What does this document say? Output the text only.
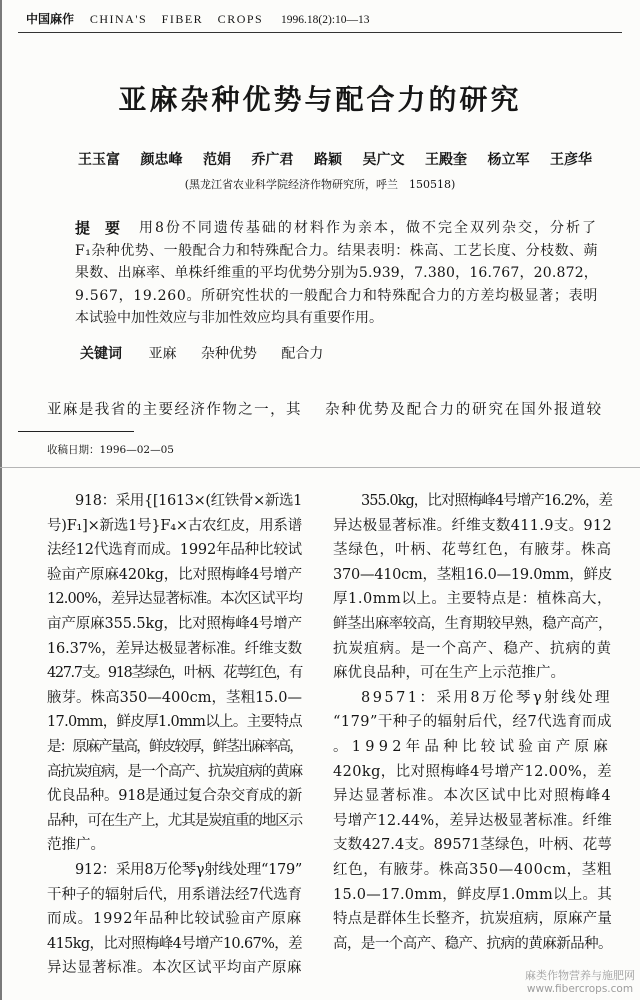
中国麻作 CHINA'S FIBER CROPS 1996.18(2):10—13
亚麻杂种优势与配合力的研究
王玉富 颜忠峰 范娟 乔广君 路颖 吴广文 王殿奎 杨立军 王彦华
(黑龙江省农业科学院经济作物研究所，呼兰　150518)
提　要	用8份不同遗传基础的材料作为亲本，做不完全双列杂交，分析了
F₁杂种优势、一般配合力和特殊配合力。结果表明：株高、工艺长度、分枝数、蒴
果数、出麻率、单株纤维重的平均优势分别为5.939，7.380，16.767，20.872，
9.567，19.260。所研究性状的一般配合力和特殊配合力的方差均极显著；表明
本试验中加性效应与非加性效应均具有重要作用。
关键词 亚麻 杂种优势 配合力
亚麻是我省的主要经济作物之一，其 杂种优势及配合力的研究在国外报道较
收稿日期：1996—02—05
918：采用{[1613×(红铁骨×新选1
号)F₁]×新选1号}F₄×古农红皮，用系谱
法经12代选育而成。1992年品种比较试
验亩产原麻420kg，比对照梅峰4号增产
12.00%，差异达显著标准。本次区试平均
亩产原麻355.5kg，比对照梅峰4号增产
16.37%，差异达极显著标准。纤维支数
427.7支。918茎绿色，叶柄、花萼红色，有
腋芽。株高350—400cm，茎粗15.0—
17.0mm，鲜皮厚1.0mm以上。主要特点
是：原麻产量高，鲜皮较厚，鲜茎出麻率高，
高抗炭疽病，是一个高产、抗炭疽病的黄麻
优良品种。918是通过复合杂交育成的新
品种，可在生产上，尤其是炭疽重的地区示
范推广。
912：采用8万伦琴γ射线处理“179”
干种子的辐射后代，用系谱法经7代选育
而成。1992年品种比较试验亩产原麻
415kg，比对照梅峰4号增产10.67%，差
异达显著标准。本次区试平均亩产原麻
355.0kg，比对照梅峰4号增产16.2%，差
异达极显著标准。纤维支数411.9支。912
茎绿色，叶柄、花萼红色，有腋芽。株高
370—410cm，茎粗16.0—19.0mm，鲜皮
厚1.0mm以上。主要特点是：植株高大，
鲜茎出麻率较高，生育期较早熟，稳产高产，
抗炭疽病。是一个高产、稳产、抗病的黄
麻优良品种，可在生产上示范推广。
89571：采用8万伦琴γ射线处理
“179”干种子的辐射后代，经7代选育而成
。1992年品种比较试验亩产原麻
420kg，比对照梅峰4号增产12.00%，差
异达显著标准。本次区试中比对照梅峰4
号增产12.44%，差异达极显著标准。纤维
支数427.4支。89571茎绿色，叶柄、花萼
红色，有腋芽。株高350—400cm，茎粗
15.0—17.0mm，鲜皮厚1.0mm以上。其
特点是群体生长整齐，抗炭疽病，原麻产量
高，是一个高产、稳产、抗病的黄麻新品种。
麻类作物营养与施肥网
www.fibercrops.com
